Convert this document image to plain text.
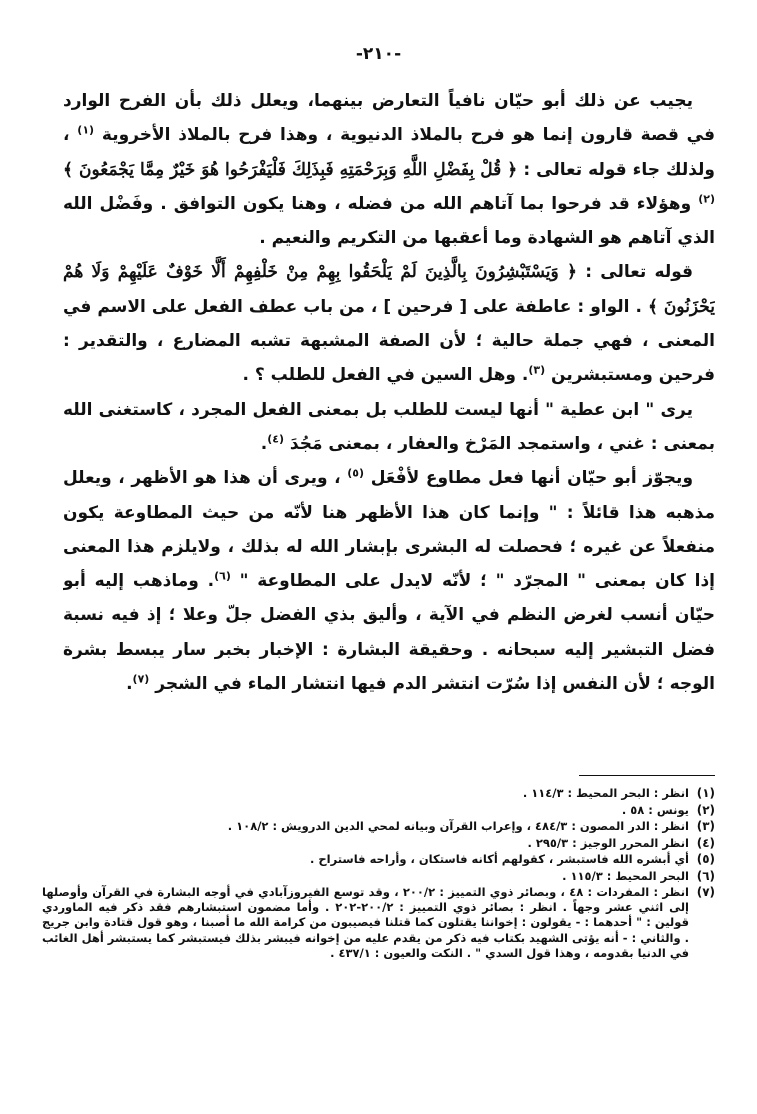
-٢١٠-

يجيب عن ذلك أبو حيّان نافياً التعارض بينهما، ويعلل ذلك بأن الفرح الوارد في قصة قارون إنما هو فرح بالملاذ الدنيوية ، وهذا فرح بالملاذ الأخروية $^{(١)}$ ، ولذلك جاء قوله تعالى : ﴿ قُلْ بِفَضْلِ اللَّهِ وَبِرَحْمَتِهِ فَبِذَلِكَ فَلْيَفْرَحُوا هُوَ خَيْرٌ مِمَّا يَجْمَعُونَ ﴾ $^{(٢)}$ وهؤلاء قد فرحوا بما آتاهم الله من فضله ، وهنا يكون التوافق . وفَضْل الله الذي آتاهم هو الشهادة وما أعقبها من التكريم والنعيم .

قوله تعالى : ﴿ وَيَسْتَبْشِرُونَ بِالَّذِينَ لَمْ يَلْحَقُوا بِهِمْ مِنْ خَلْفِهِمْ أَلَّا خَوْفٌ عَلَيْهِمْ وَلَا هُمْ يَحْزَنُونَ ﴾ . الواو : عاطفة على [ فرحين ] ، من باب عطف الفعل على الاسم في المعنى ، فهي جملة حالية ؛ لأن الصفة المشبهة تشبه المضارع ، والتقدير : فرحين ومستبشرين $^{(٣)}$. وهل السين في الفعل للطلب ؟ .

يرى " ابن عطية " أنها ليست للطلب بل بمعنى الفعل المجرد ، كاستغنى الله بمعنى : غني ، واستمجد المَرْخ والعفار ، بمعنى مَجُدَ $^{(٤)}$.

ويجوّز أبو حيّان أنها فعل مطاوع لأفْعَل $^{(٥)}$ ، ويرى أن هذا هو الأظهر ، ويعلل مذهبه هذا قائلاً : " وإنما كان هذا الأظهر هنا لأنّه من حيث المطاوعة يكون منفعلاً عن غيره ؛ فحصلت له البشرى بإبشار الله له بذلك ، ولايلزم هذا المعنى إذا كان بمعنى " المجرّد " ؛ لأنّه لايدل على المطاوعة " $^{(٦)}$. وماذهب إليه أبو حيّان أنسب لغرض النظم في الآية ، وأليق بذي الفضل جلّ وعلا ؛ إذ فيه نسبة فضل التبشير إليه سبحانه . وحقيقة البشارة : الإخبار بخبر سار يبسط بشرة الوجه ؛ لأن النفس إذا سُرّت انتشر الدم فيها انتشار الماء في الشجر $^{(٧)}$.

(١)
انظر : البحر المحيط : ١١٤/٣ .
(٢)
يونس : ٥٨ .
(٣)
انظر : الدر المصون : ٤٨٤/٣ ، وإعراب القرآن وبيانه لمحي الدين الدرويش : ١٠٨/٢ .
(٤)
انظر المحرر الوجيز : ٢٩٥/٣ .
(٥)
أي أبشره الله فاستبشر ، كقولهم أكانه فاستكان ، وأراحه فاستراح .
(٦)
البحر المحيط : ١١٥/٣ .
(٧)
انظر : المفردات : ٤٨ ، وبصائر ذوي التمييز : ٢٠٠/٢ ، وقد توسع الفيروزآبادي في أوجه البشارة في القرآن وأوصلها إلى اثني عشر وجهاً . انظر : بصائر ذوي التمييز : ٢٠٠/٢-٢٠٢ . وأما مضمون استبشارهم فقد ذكر فيه الماوردي قولين : " أحدهما : - يقولون : إخواننا يقتلون كما قتلنا فيصيبون من كرامة الله ما أصبنا ، وهو قول قتادة وابن جريج . والثاني : - أنه يؤتى الشهيد بكتاب فيه ذكر من يقدم عليه من إخوانه فيبشر بذلك فيستبشر كما يستبشر أهل الغائب في الدنيا بقدومه ، وهذا قول السدي " . النكت والعيون : ٤٣٧/١ .
